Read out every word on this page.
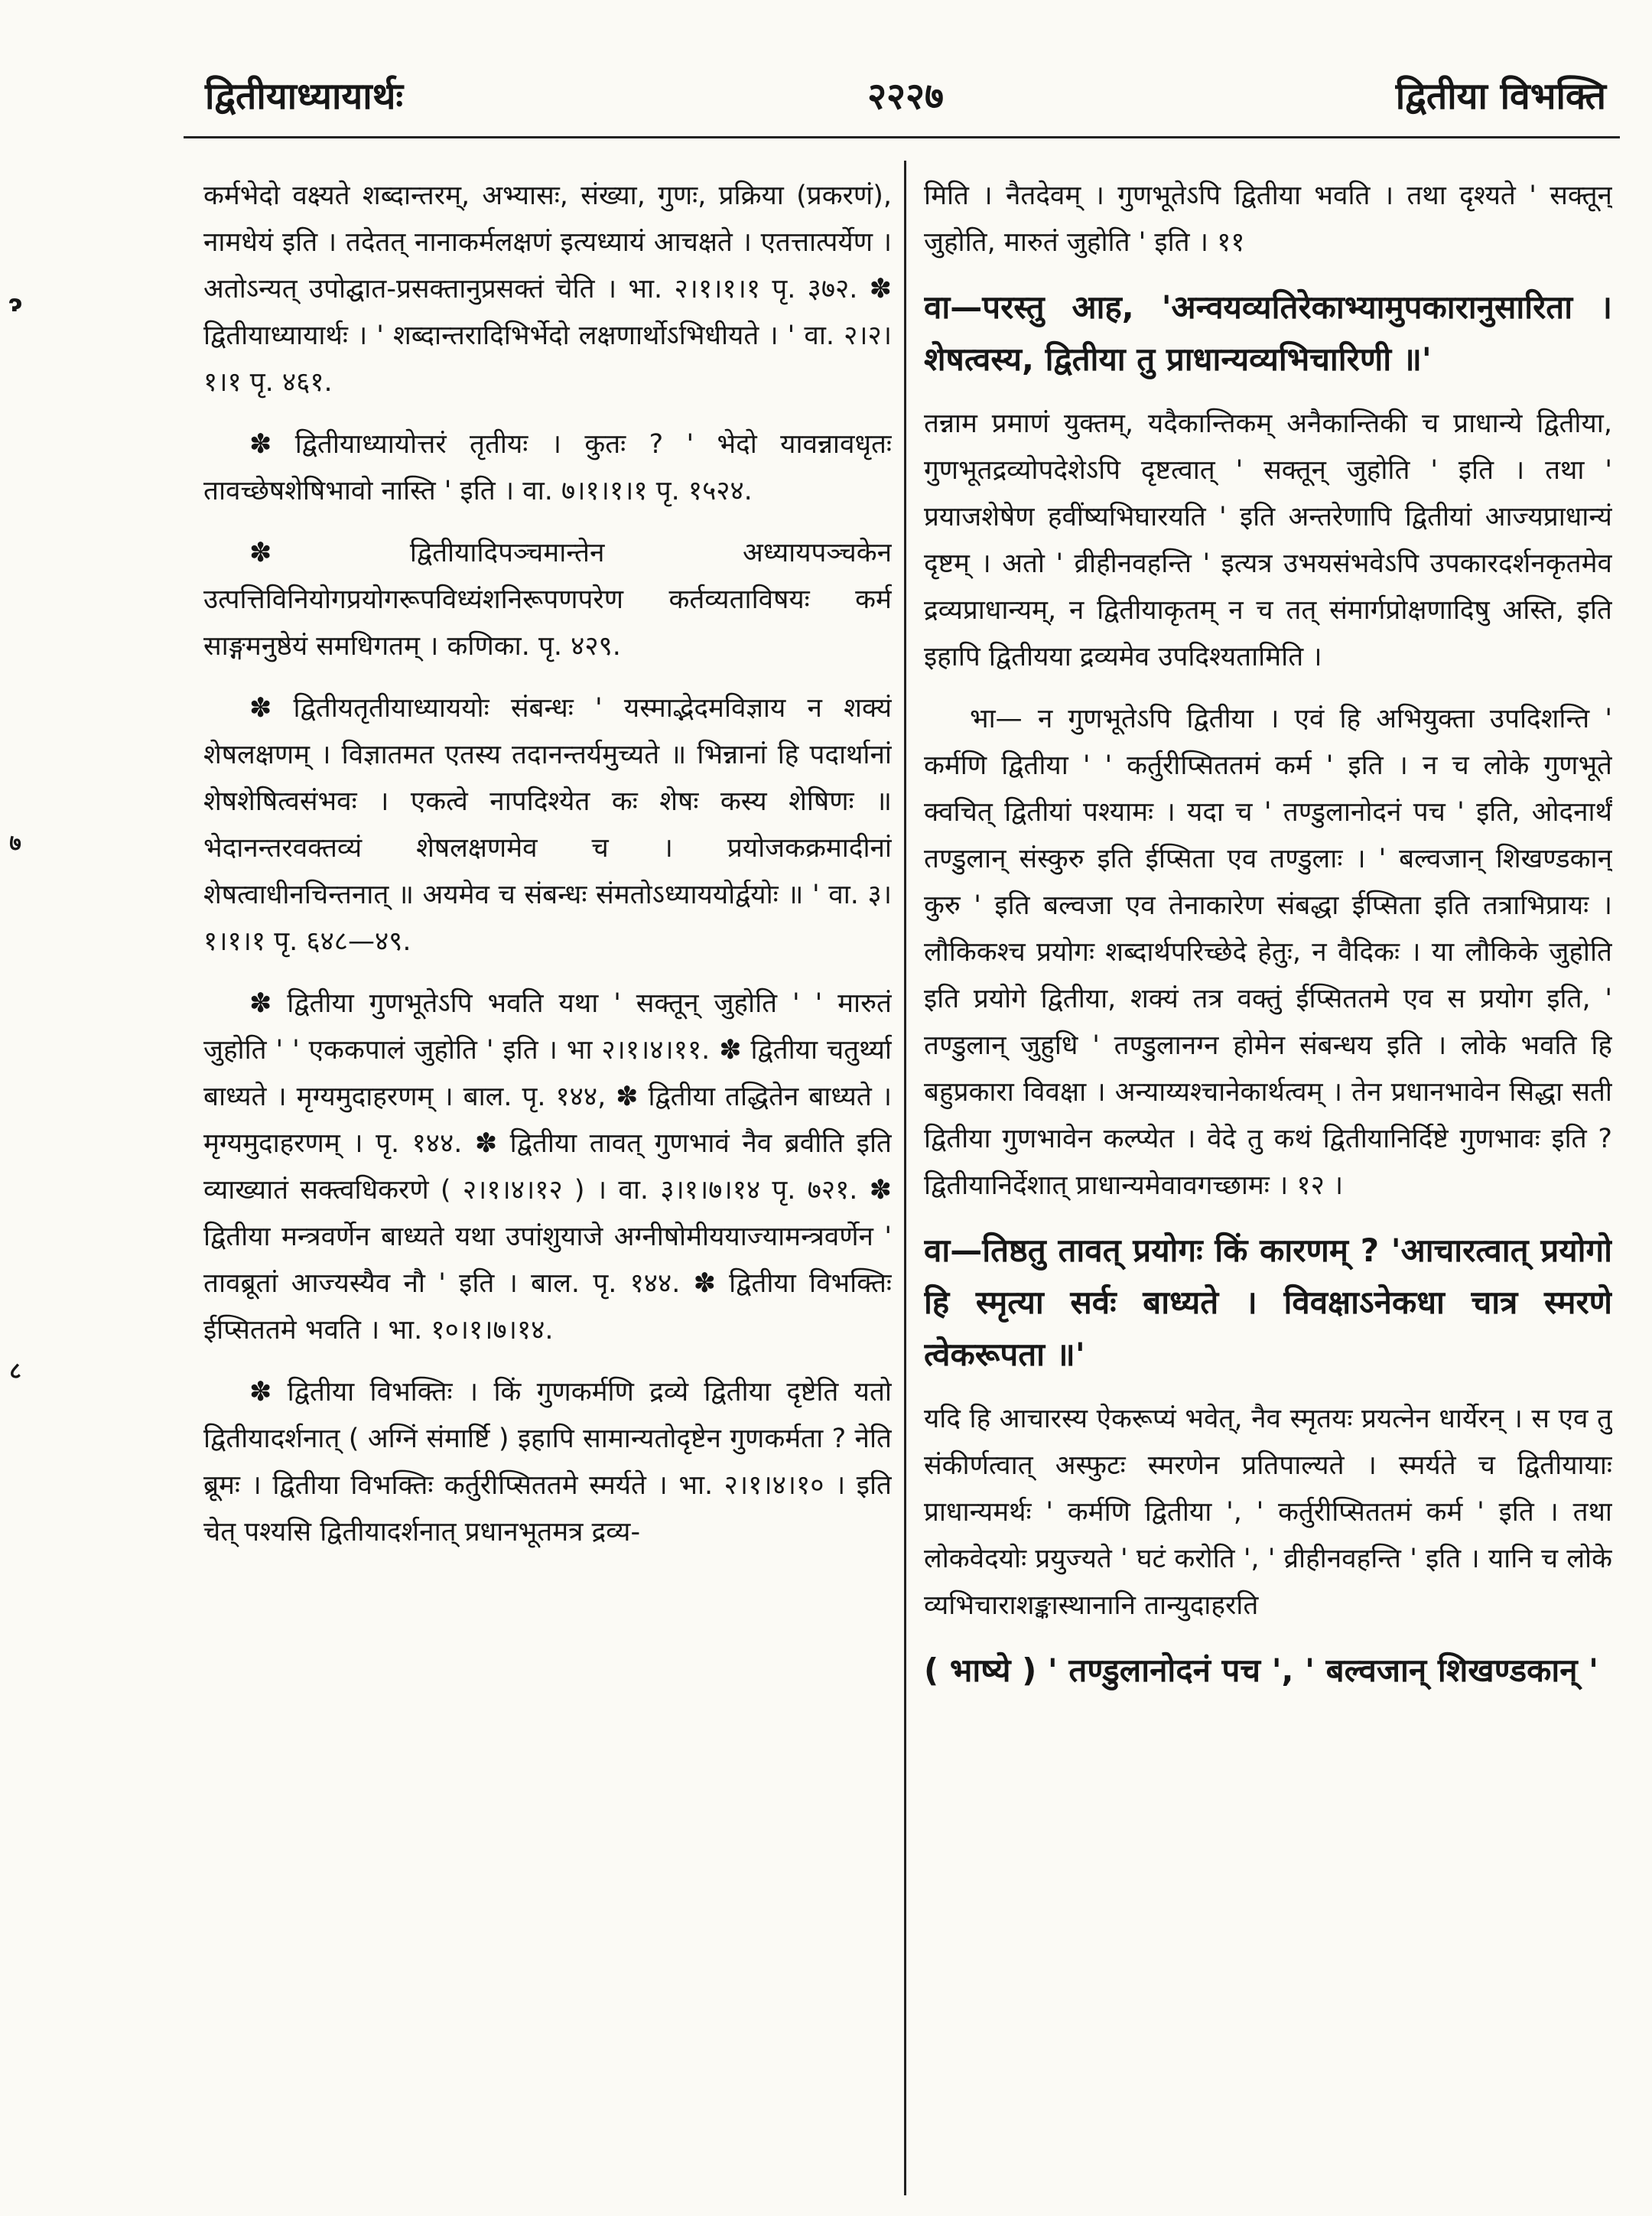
द्वितीयाध्यायार्थः	२२२७	द्वितीया विभक्ति
ɂ
७
८

कर्मभेदो वक्ष्यते शब्दान्तरम्, अभ्यासः, संख्या, गुणः, प्रक्रिया (प्रकरणं), नामधेयं इति । तदेतत् नानाकर्मलक्षणं इत्यध्यायं आचक्षते । एतत्तात्पर्येण । अतोऽन्यत् उपोद्घात-प्रसक्तानुप्रसक्तं चेति । भा. २।१।१।१ पृ. ३७२. ✽ द्वितीयाध्यायार्थः । ' शब्दान्तरादिभिर्भेदो लक्षणार्थोऽभिधीयते । ' वा. २।२।१।१ पृ. ४६१.

✽ द्वितीयाध्यायोत्तरं तृतीयः । कुतः ? ' भेदो यावन्नावधृतः तावच्छेषशेषिभावो नास्ति ' इति । वा. ७।१।१।१ पृ. १५२४.

✽ द्वितीयादिपञ्चमान्तेन अध्यायपञ्चकेन उत्पत्तिविनियोगप्रयोगरूपविध्यंशनिरूपणपरेण कर्तव्यताविषयः कर्म साङ्गमनुष्ठेयं समधिगतम् । कणिका. पृ. ४२९.

✽ द्वितीयतृतीयाध्याययोः संबन्धः ' यस्माद्भेदमविज्ञाय न शक्यं शेषलक्षणम् । विज्ञातमत एतस्य तदानन्तर्यमुच्यते ॥ भिन्नानां हि पदार्थानां शेषशेषित्वसंभवः । एकत्वे नापदिश्येत कः शेषः कस्य शेषिणः ॥ भेदानन्तरवक्तव्यं शेषलक्षणमेव च । प्रयोजकक्रमादीनां शेषत्वाधीनचिन्तनात् ॥ अयमेव च संबन्धः संमतोऽध्याययोर्द्वयोः ॥ ' वा. ३।१।१।१ पृ. ६४८—४९.

✽ द्वितीया गुणभूतेऽपि भवति यथा ' सक्तून् जुहोति ' ' मारुतं जुहोति ' ' एककपालं जुहोति ' इति । भा २।१।४।११. ✽ द्वितीया चतुर्थ्या बाध्यते । मृग्यमुदाहरणम् । बाल. पृ. १४४, ✽ द्वितीया तद्धितेन बाध्यते । मृग्यमुदाहरणम् । पृ. १४४. ✽ द्वितीया तावत् गुणभावं नैव ब्रवीति इति व्याख्यातं सक्त्वधिकरणे ( २।१।४।१२ ) । वा. ३।१।७।१४ पृ. ७२१. ✽ द्वितीया मन्त्रवर्णेन बाध्यते यथा उपांशुयाजे अग्नीषोमीययाज्यामन्त्रवर्णेन ' तावब्रूतां आज्यस्यैव नौ ' इति । बाल. पृ. १४४. ✽ द्वितीया विभक्तिः ईप्सिततमे भवति । भा. १०।१।७।१४.

✽ द्वितीया विभक्तिः । किं गुणकर्मणि द्रव्ये द्वितीया दृष्टेति यतो द्वितीयादर्शनात् ( अग्निं संमार्ष्टि ) इहापि सामान्यतोदृष्टेन गुणकर्मता ? नेति ब्रूमः । द्वितीया विभक्तिः कर्तुरीप्सिततमे स्मर्यते । भा. २।१।४।१० । इति चेत् पश्यसि द्वितीयादर्शनात् प्रधानभूतमत्र द्रव्य-

मिति । नैतदेवम् । गुणभूतेऽपि द्वितीया भवति । तथा दृश्यते ' सक्तून् जुहोति, मारुतं जुहोति ' इति । ११

वा—परस्तु आह, 'अन्वयव्यतिरेकाभ्यामुपकारानुसारिता । शेषत्वस्य, द्वितीया तु प्राधान्यव्यभिचारिणी ॥'

तन्नाम प्रमाणं युक्तम्, यदैकान्तिकम् अनैकान्तिकी च प्राधान्ये द्वितीया, गुणभूतद्रव्योपदेशेऽपि दृष्टत्वात् ' सक्तून् जुहोति ' इति । तथा ' प्रयाजशेषेण हवींष्यभिघारयति ' इति अन्तरेणापि द्वितीयां आज्यप्राधान्यं दृष्टम् । अतो ' व्रीहीनवहन्ति ' इत्यत्र उभयसंभवेऽपि उपकारदर्शनकृतमेव द्रव्यप्राधान्यम्, न द्वितीयाकृतम् न च तत् संमार्गप्रोक्षणादिषु अस्ति, इति इहापि द्वितीयया द्रव्यमेव उपदिश्यतामिति ।

भा— न गुणभूतेऽपि द्वितीया । एवं हि अभियुक्ता उपदिशन्ति ' कर्मणि द्वितीया ' ' कर्तुरीप्सिततमं कर्म ' इति । न च लोके गुणभूते क्वचित् द्वितीयां पश्यामः । यदा च ' तण्डुलानोदनं पच ' इति, ओदनार्थं तण्डुलान् संस्कुरु इति ईप्सिता एव तण्डुलाः । ' बल्वजान् शिखण्डकान् कुरु ' इति बल्वजा एव तेनाकारेण संबद्धा ईप्सिता इति तत्राभिप्रायः । लौकिकश्च प्रयोगः शब्दार्थपरिच्छेदे हेतुः, न वैदिकः । या लौकिके जुहोति इति प्रयोगे द्वितीया, शक्यं तत्र वक्तुं ईप्सिततमे एव स प्रयोग इति, ' तण्डुलान् जुहुधि ' तण्डुलानग्न होमेन संबन्धय इति । लोके भवति हि बहुप्रकारा विवक्षा । अन्याय्यश्चानेकार्थत्वम् । तेन प्रधानभावेन सिद्धा सती द्वितीया गुणभावेन कल्प्येत । वेदे तु कथं द्वितीयानिर्दिष्टे गुणभावः इति ? द्वितीयानिर्देशात् प्राधान्यमेवावगच्छामः । १२ ।

वा—तिष्ठतु तावत् प्रयोगः किं कारणम् ? 'आचारत्वात् प्रयोगो हि स्मृत्या सर्वः बाध्यते । विवक्षाऽनेकधा चात्र स्मरणे त्वेकरूपता ॥'

यदि हि आचारस्य ऐकरूप्यं भवेत्, नैव स्मृतयः प्रयत्नेन धार्येरन् । स एव तु संकीर्णत्वात् अस्फुटः स्मरणेन प्रतिपाल्यते । स्मर्यते च द्वितीयायाः प्राधान्यमर्थः ' कर्मणि द्वितीया ', ' कर्तुरीप्सिततमं कर्म ' इति । तथा लोकवेदयोः प्रयुज्यते ' घटं करोति ', ' व्रीहीनवहन्ति ' इति । यानि च लोके व्यभिचाराशङ्कास्थानानि तान्युदाहरति

( भाष्ये ) ' तण्डुलानोदनं पच ', ' बल्वजान् शिखण्डकान् '
